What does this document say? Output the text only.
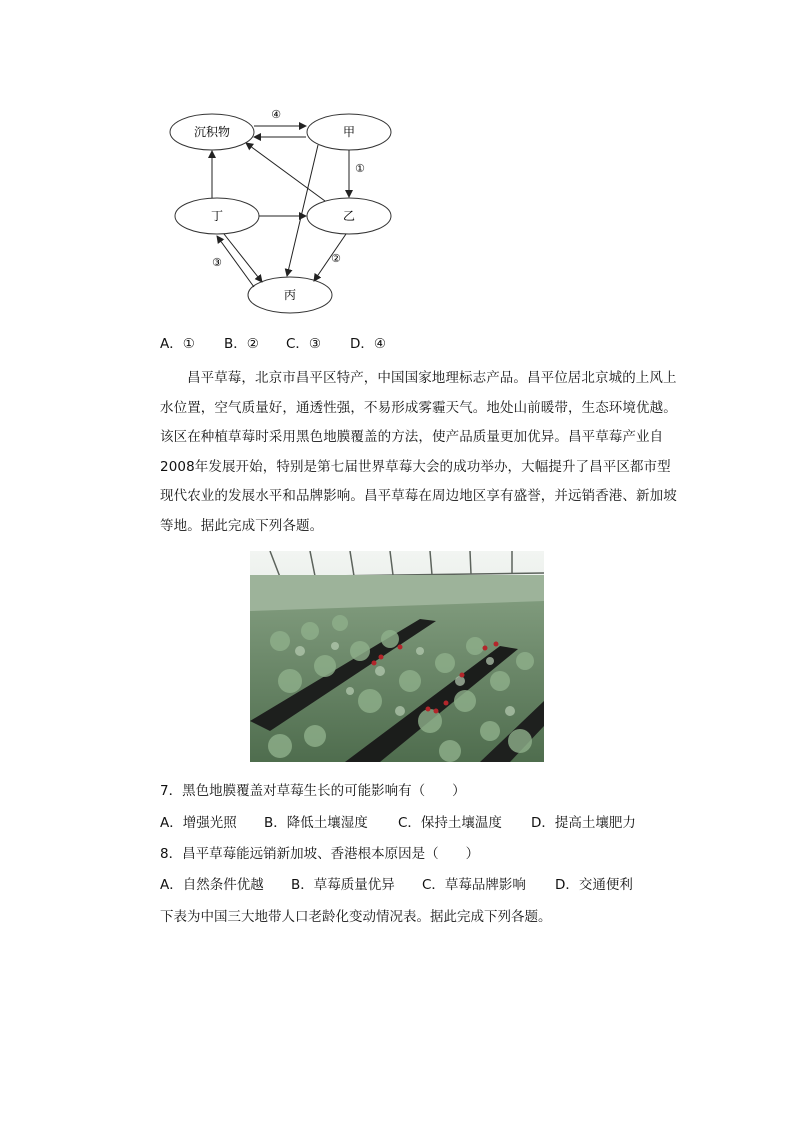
沉积物	甲
丁	乙
丙
④
①
②
③
A．① B．② C．③ D．④
昌平草莓，北京市昌平区特产，中国国家地理标志产品。昌平位居北京城的上风上水位置，空气质量好，通透性强，不易形成雾霾天气。地处山前暖带，生态环境优越。该区在种植草莓时采用黑色地膜覆盖的方法，使产品质量更加优异。昌平草莓产业自2008年发展开始，特别是第七届世界草莓大会的成功举办，大幅提升了昌平区都市型现代农业的发展水平和品牌影响。昌平草莓在周边地区享有盛誉，并远销香港、新加坡等地。据此完成下列各题。
7．黑色地膜覆盖对草莓生长的可能影响有（　　）
A．增强光照 B．降低土壤湿度 C．保持土壤温度 D．提高土壤肥力
8．昌平草莓能远销新加坡、香港根本原因是（　　）
A．自然条件优越 B．草莓质量优异 C．草莓品牌影响 D．交通便利
下表为中国三大地带人口老龄化变动情况表。据此完成下列各题。
